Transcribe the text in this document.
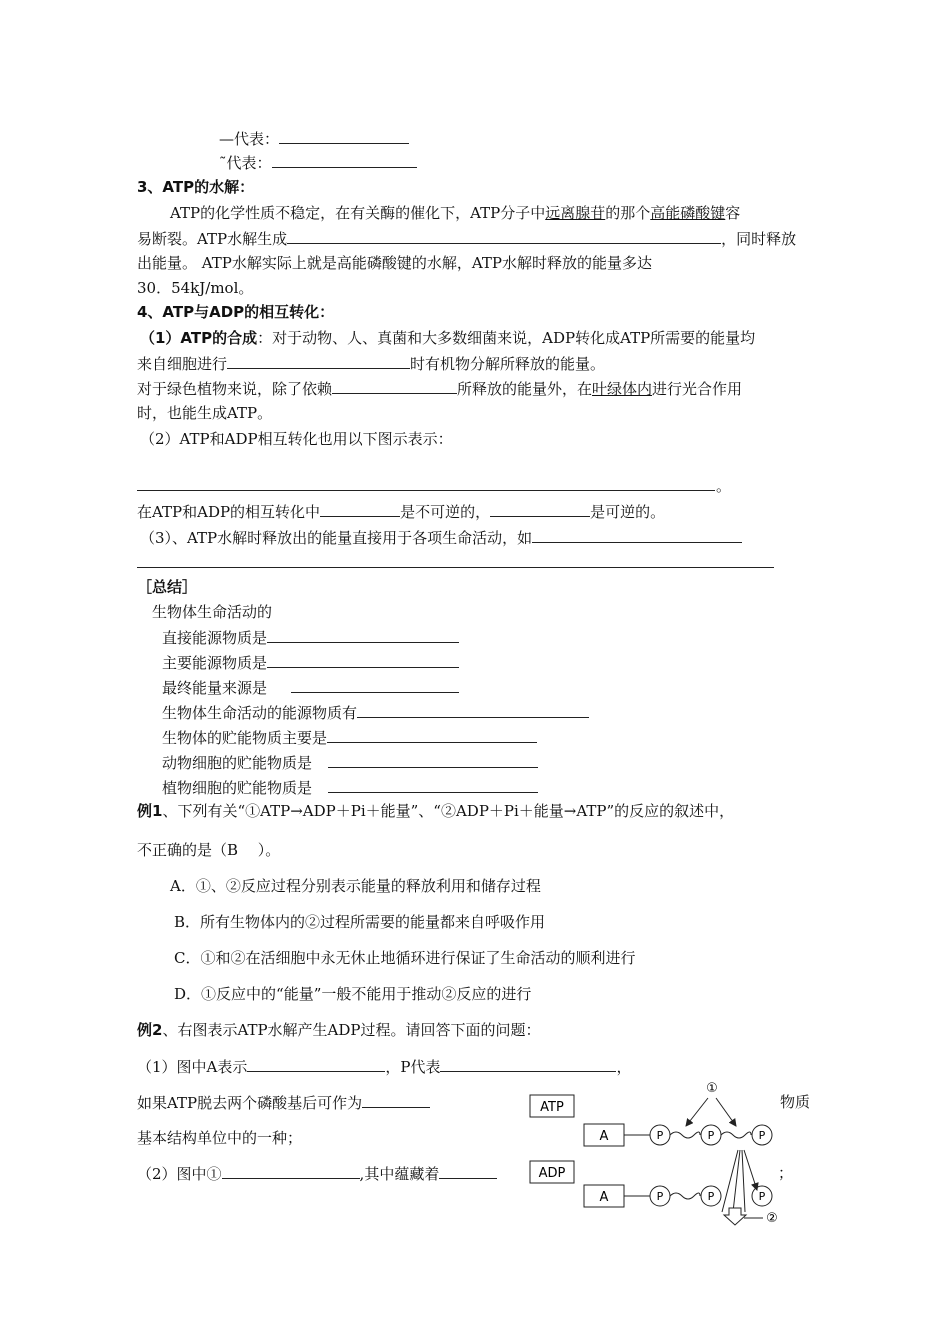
—代表：
˜代表：
3、ATP的水解：
ATP的化学性质不稳定，在有关酶的催化下，ATP分子中远离腺苷的那个高能磷酸键容
易断裂。ATP水解生成	，同时释放
出能量。 ATP水解实际上就是高能磷酸键的水解，ATP水解时释放的能量多达
30．54kJ/mol。
4、ATP与ADP的相互转化：
（1）ATP的合成：对于动物、人、真菌和大多数细菌来说，ADP转化成ATP所需要的能量均
来自细胞进行	时有机物分解所释放的能量。
对于绿色植物来说，除了依赖	所释放的能量外，在叶绿体内进行光合作用
时，也能生成ATP。
（2）ATP和ADP相互转化也用以下图示表示：
。
在ATP和ADP的相互转化中	是不可逆的，	是可逆的。
（3）、ATP水解时释放出的能量直接用于各项生命活动，如
［总结］
生物体生命活动的
直接能源物质是
主要能源物质是
最终能量来源是
生物体生命活动的能源物质有
生物体的贮能物质主要是
动物细胞的贮能物质是
植物细胞的贮能物质是
例1、下列有关“①ATP→ADP＋Pi＋能量”、“②ADP＋Pi＋能量→ATP”的反应的叙述中，
不正确的是（B　 ）。
A．①、②反应过程分别表示能量的释放利用和储存过程
B．所有生物体内的②过程所需要的能量都来自呼吸作用
C．①和②在活细胞中永无休止地循环进行保证了生命活动的顺利进行
D．①反应中的“能量”一般不能用于推动②反应的进行
例2、右图表示ATP水解产生ADP过程。请回答下面的问题：
（1）图中A表示	，P代表	，
如果ATP脱去两个磷酸基后可作为	物质
基本结构单位中的一种；
（2）图中①	,其中蕴藏着	；
ATP
A	P	P	P
①
ADP
A	P	P	P
②
